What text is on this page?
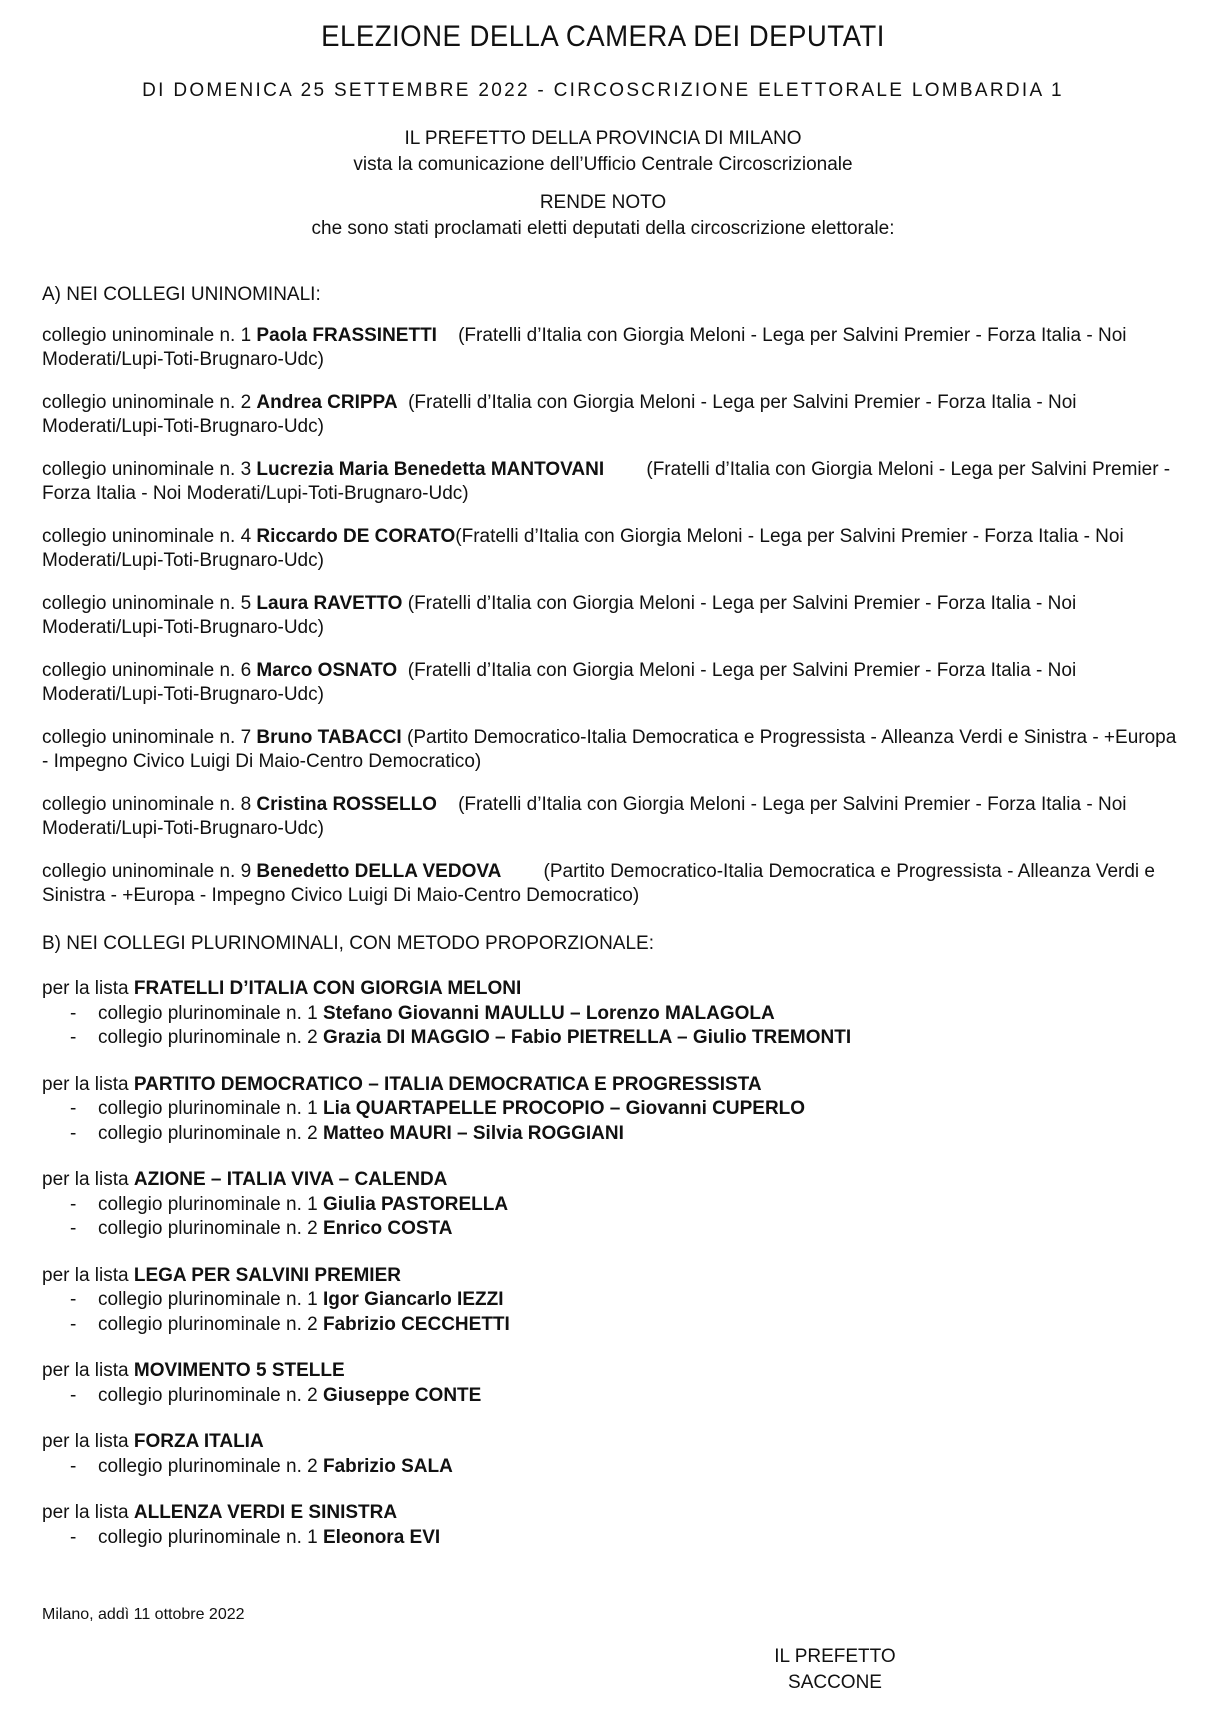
ELEZIONE DELLA CAMERA DEI DEPUTATI
DI DOMENICA 25 SETTEMBRE 2022 - CIRCOSCRIZIONE ELETTORALE LOMBARDIA 1
IL PREFETTO DELLA PROVINCIA DI MILANO
vista la comunicazione dell’Ufficio Centrale Circoscrizionale
RENDE NOTO
che sono stati proclamati eletti deputati della circoscrizione elettorale:
A) NEI COLLEGI UNINOMINALI:
collegio uninominale n. 1 Paola FRASSINETTI    (Fratelli d’Italia con Giorgia Meloni - Lega per Salvini Premier - Forza Italia - Noi Moderati/Lupi-Toti-Brugnaro-Udc)
collegio uninominale n. 2 Andrea CRIPPA  (Fratelli d’Italia con Giorgia Meloni - Lega per Salvini Premier - Forza Italia - Noi Moderati/Lupi-Toti-Brugnaro-Udc)
collegio uninominale n. 3 Lucrezia Maria Benedetta MANTOVANI        (Fratelli d’Italia con Giorgia Meloni - Lega per Salvini Premier - Forza Italia - Noi Moderati/Lupi-Toti-Brugnaro-Udc)
collegio uninominale n. 4 Riccardo DE CORATO(Fratelli d’Italia con Giorgia Meloni - Lega per Salvini Premier - Forza Italia - Noi Moderati/Lupi-Toti-Brugnaro-Udc)
collegio uninominale n. 5 Laura RAVETTO (Fratelli d’Italia con Giorgia Meloni - Lega per Salvini Premier - Forza Italia - Noi Moderati/Lupi-Toti-Brugnaro-Udc)
collegio uninominale n. 6 Marco OSNATO  (Fratelli d’Italia con Giorgia Meloni - Lega per Salvini Premier - Forza Italia - Noi Moderati/Lupi-Toti-Brugnaro-Udc)
collegio uninominale n. 7 Bruno TABACCI (Partito Democratico-Italia Democratica e Progressista - Alleanza Verdi e Sinistra - +Europa - Impegno Civico Luigi Di Maio-Centro Democratico)
collegio uninominale n. 8 Cristina ROSSELLO    (Fratelli d’Italia con Giorgia Meloni - Lega per Salvini Premier - Forza Italia - Noi Moderati/Lupi-Toti-Brugnaro-Udc)
collegio uninominale n. 9 Benedetto DELLA VEDOVA        (Partito Democratico-Italia Democratica e Progressista - Alleanza Verdi e Sinistra - +Europa - Impegno Civico Luigi Di Maio-Centro Democratico)
B) NEI COLLEGI PLURINOMINALI, CON METODO PROPORZIONALE:
per la lista FRATELLI D’ITALIA CON GIORGIA MELONI
- collegio plurinominale n. 1 Stefano Giovanni MAULLU – Lorenzo MALAGOLA
- collegio plurinominale n. 2 Grazia DI MAGGIO – Fabio PIETRELLA – Giulio TREMONTI
per la lista PARTITO DEMOCRATICO – ITALIA DEMOCRATICA E PROGRESSISTA
- collegio plurinominale n. 1 Lia QUARTAPELLE PROCOPIO – Giovanni CUPERLO
- collegio plurinominale n. 2 Matteo MAURI – Silvia ROGGIANI
per la lista AZIONE – ITALIA VIVA – CALENDA
- collegio plurinominale n. 1 Giulia PASTORELLA
- collegio plurinominale n. 2 Enrico COSTA
per la lista LEGA PER SALVINI PREMIER
- collegio plurinominale n. 1 Igor Giancarlo IEZZI
- collegio plurinominale n. 2 Fabrizio CECCHETTI
per la lista MOVIMENTO 5 STELLE
- collegio plurinominale n. 2 Giuseppe CONTE
per la lista FORZA ITALIA
- collegio plurinominale n. 2 Fabrizio SALA
per la lista ALLENZA VERDI E SINISTRA
- collegio plurinominale n. 1 Eleonora EVI
Milano, addì 11 ottobre 2022
IL PREFETTO
SACCONE
